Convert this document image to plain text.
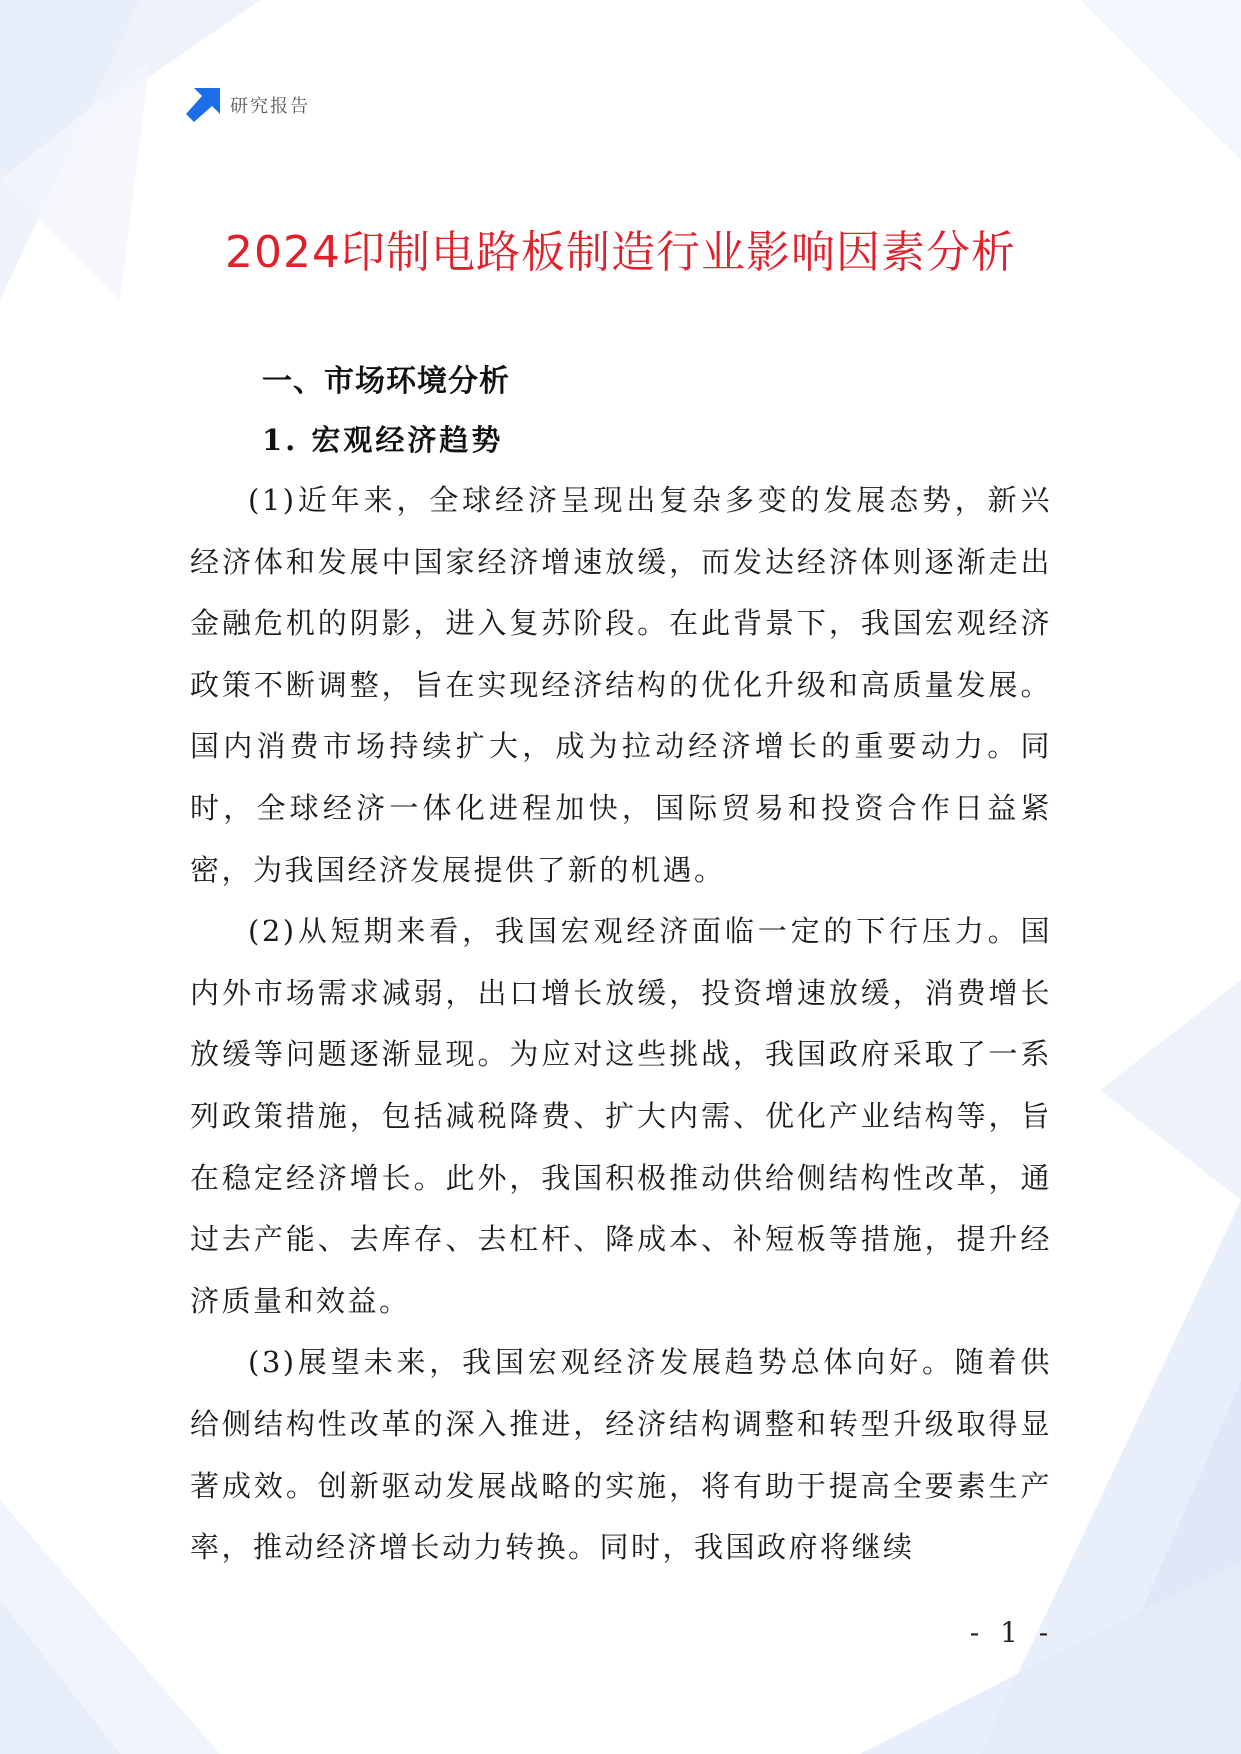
研究报告
2024印制电路板制造行业影响因素分析
一、市场环境分析
1. 宏观经济趋势

(1)近年来，全球经济呈现出复杂多变的发展态势，新兴经济体和发展中国家经济增速放缓，而发达经济体则逐渐走出金融危机的阴影，进入复苏阶段。在此背景下，我国宏观经济政策不断调整，旨在实现经济结构的优化升级和高质量发展。国内消费市场持续扩大，成为拉动经济增长的重要动力。同时，全球经济一体化进程加快，国际贸易和投资合作日益紧密，为我国经济发展提供了新的机遇。

(2)从短期来看，我国宏观经济面临一定的下行压力。国内外市场需求减弱，出口增长放缓，投资增速放缓，消费增长放缓等问题逐渐显现。为应对这些挑战，我国政府采取了一系列政策措施，包括减税降费、扩大内需、优化产业结构等，旨在稳定经济增长。此外，我国积极推动供给侧结构性改革，通过去产能、去库存、去杠杆、降成本、补短板等措施，提升经济质量和效益。

(3)展望未来，我国宏观经济发展趋势总体向好。随着供给侧结构性改革的深入推进，经济结构调整和转型升级取得显著成效。创新驱动发展战略的实施，将有助于提高全要素生产率，推动经济增长动力转换。同时，我国政府将继续

- 1 -
